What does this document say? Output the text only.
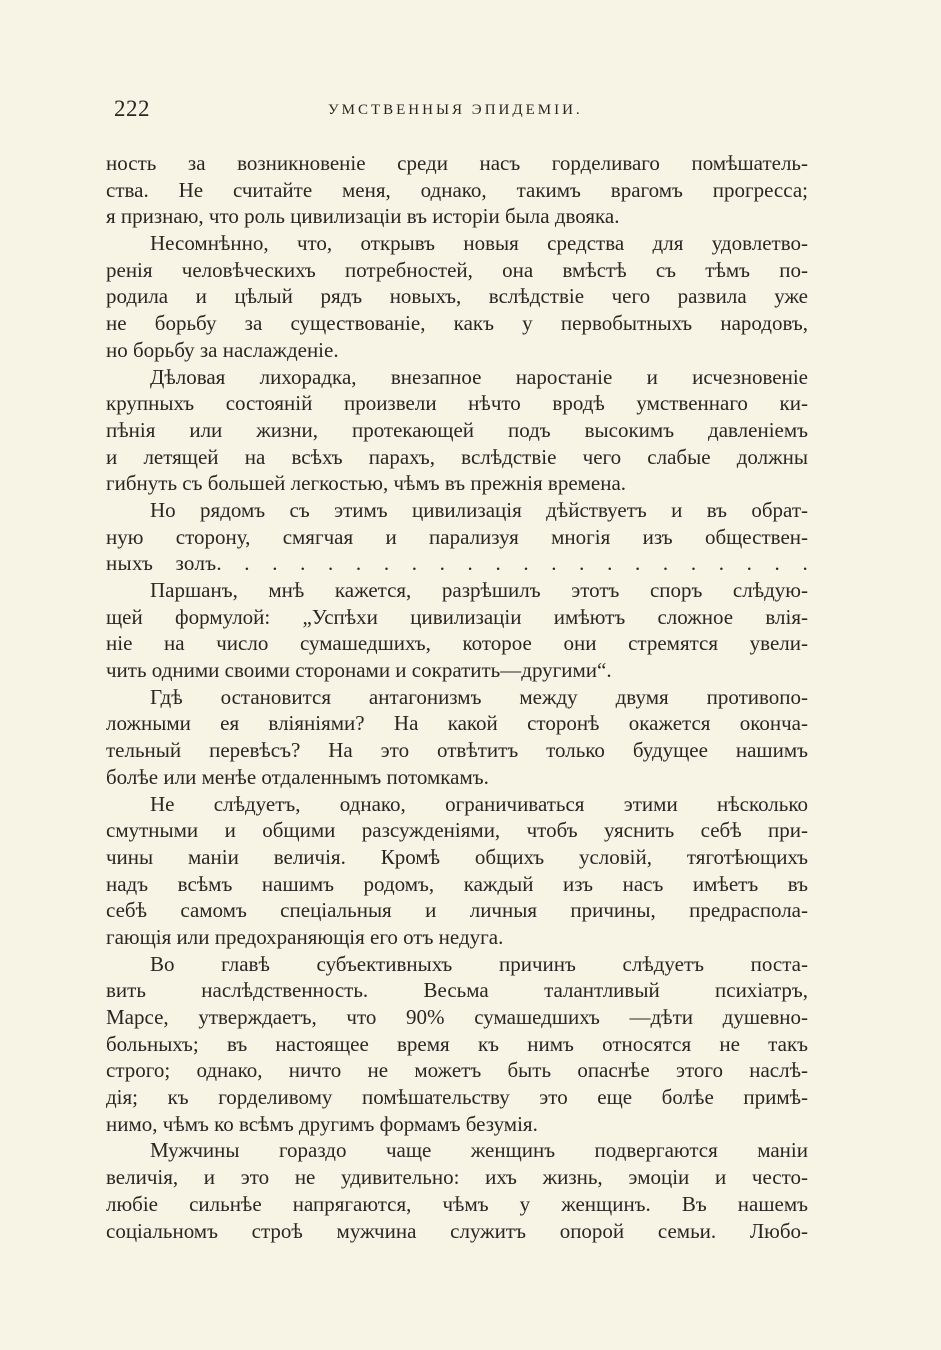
222	УМСТВЕННЫЯ ЭПИДЕМІИ.
ность за возникновеніе среди насъ горделиваго помѣшатель-
ства. Не считайте меня, однако, такимъ врагомъ прогресса;
я признаю, что роль цивилизаціи въ исторіи была двояка.
Несомнѣнно, что, открывъ новыя средства для удовлетво-
ренія человѣческихъ потребностей, она вмѣстѣ съ тѣмъ по-
родила и цѣлый рядъ новыхъ, вслѣдствіе чего развила уже
не борьбу за существованіе, какъ у первобытныхъ народовъ,
но борьбу за наслажденіе.
Дѣловая лихорадка, внезапное наростаніе и исчезновеніе
крупныхъ состояній произвели нѣчто вродѣ умственнаго ки-
пѣнія или жизни, протекающей подъ высокимъ давленіемъ
и летящей на всѣхъ парахъ, вслѣдствіе чего слабые должны
гибнуть съ большей легкостью, чѣмъ въ прежнія времена.
Но рядомъ съ этимъ цивилизація дѣйствуетъ и въ обрат-
ную сторону, смягчая и парализуя многія изъ обществен-
ныхъ золъ. . . . . . . . . . . . . . . . . . . . . .
Паршанъ, мнѣ кажется, разрѣшилъ этотъ споръ слѣдую-
щей формулой: „Успѣхи цивилизаціи имѣютъ сложное влія-
ніе на число сумашедшихъ, которое они стремятся увели-
чить одними своими сторонами и сократить—другими“.
Гдѣ остановится антагонизмъ между двумя противопо-
ложными ея вліяніями? На какой сторонѣ окажется оконча-
тельный перевѣсъ? На это отвѣтитъ только будущее нашимъ
болѣе или менѣе отдаленнымъ потомкамъ.
Не слѣдуетъ, однако, ограничиваться этими нѣсколько
смутными и общими разсужденіями, чтобъ уяснить себѣ при-
чины маніи величія. Кромѣ общихъ условій, тяготѣющихъ
надъ всѣмъ нашимъ родомъ, каждый изъ насъ имѣетъ въ
себѣ самомъ спеціальныя и личныя причины, предраспола-
гающія или предохраняющія его отъ недуга.
Во главѣ субъективныхъ причинъ слѣдуетъ поста-
вить наслѣдственность. Весьма талантливый психіатръ,
Марсе, утверждаетъ, что 90% сумашедшихъ —дѣти душевно-
больныхъ; въ настоящее время къ нимъ относятся не такъ
строго; однако, ничто не можетъ быть опаснѣе этого наслѣ-
дія; къ горделивому помѣшательству это еще болѣе примѣ-
нимо, чѣмъ ко всѣмъ другимъ формамъ безумія.
Мужчины гораздо чаще женщинъ подвергаются маніи
величія, и это не удивительно: ихъ жизнь, эмоціи и често-
любіе сильнѣе напрягаются, чѣмъ у женщинъ. Въ нашемъ
соціальномъ строѣ мужчина служитъ опорой семьи. Любо-
